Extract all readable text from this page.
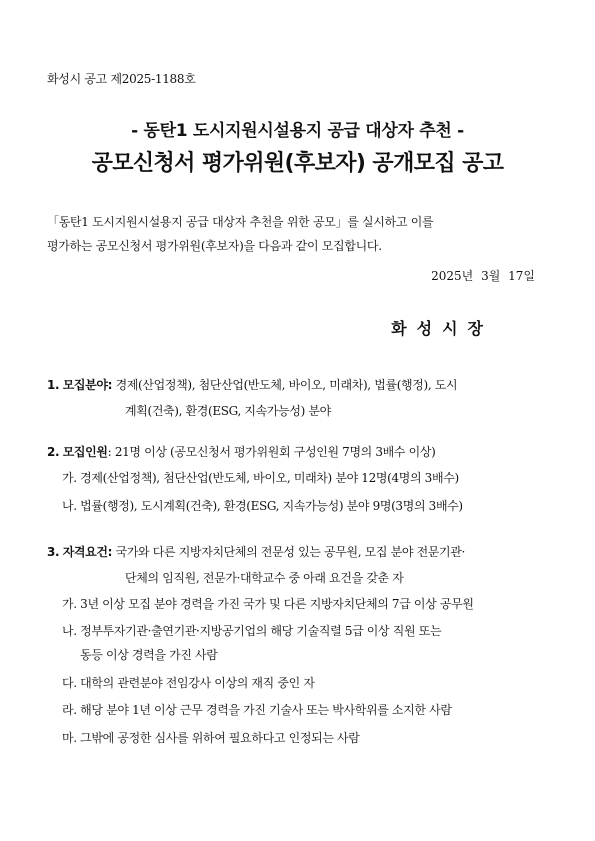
화성시 공고 제2025-1188호
- 동탄1 도시지원시설용지 공급 대상자 추천 -
공모신청서 평가위원(후보자) 공개모집 공고
「동탄1 도시지원시설용지 공급 대상자 추천을 위한 공모」를 실시하고 이를
평가하는 공모신청서 평가위원(후보자)을 다음과 같이 모집합니다.
2025년 3월 17일
화성시장
1. 모집분야: 경제(산업정책), 첨단산업(반도체, 바이오, 미래차), 법률(행정), 도시
계획(건축), 환경(ESG, 지속가능성) 분야
2. 모집인원: 21명 이상 (공모신청서 평가위원회 구성인원 7명의 3배수 이상)
가. 경제(산업정책), 첨단산업(반도체, 바이오, 미래차) 분야 12명(4명의 3배수)
나. 법률(행정), 도시계획(건축), 환경(ESG, 지속가능성) 분야 9명(3명의 3배수)
3. 자격요건: 국가와 다른 지방자치단체의 전문성 있는 공무원, 모집 분야 전문기관·
단체의 임직원, 전문가·대학교수 중 아래 요건을 갖춘 자
가. 3년 이상 모집 분야 경력을 가진 국가 및 다른 지방자치단체의 7급 이상 공무원
나. 정부투자기관·출연기관·지방공기업의 해당 기술직렬 5급 이상 직원 또는
동등 이상 경력을 가진 사람
다. 대학의 관련분야 전임강사 이상의 재직 중인 자
라. 해당 분야 1년 이상 근무 경력을 가진 기술사 또는 박사학위를 소지한 사람
마. 그밖에 공정한 심사를 위하여 필요하다고 인정되는 사람
